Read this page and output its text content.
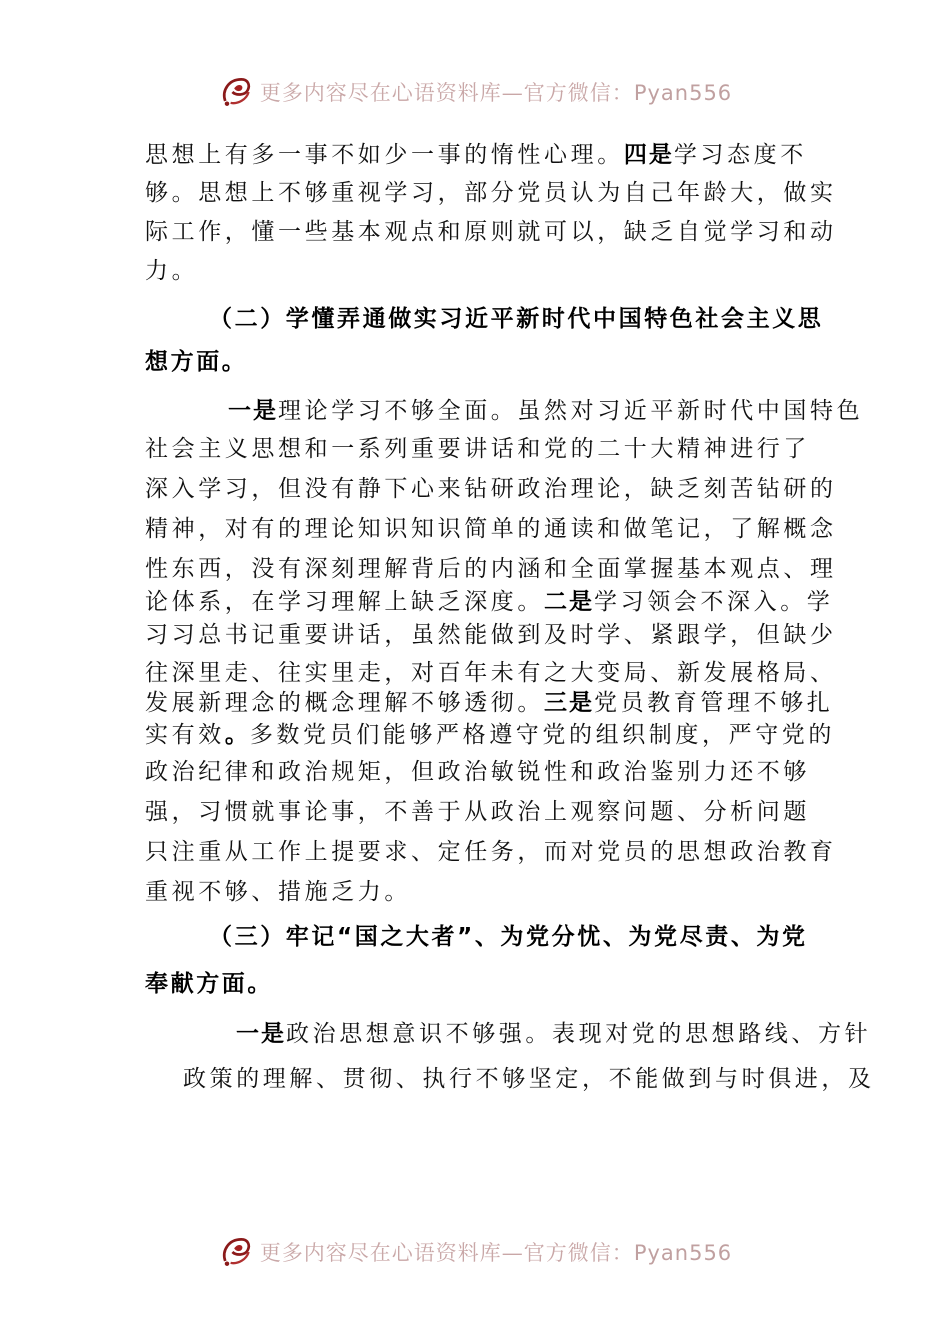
更多内容尽在心语资料库—官方微信：Pyan556
思想上有多一事不如少一事的惰性心理。四是学习态度不
够。思想上不够重视学习，部分党员认为自己年龄大，做实
际工作，懂一些基本观点和原则就可以，缺乏自觉学习和动
力。
（二）学懂弄通做实习近平新时代中国特色社会主义思
想方面。
一是理论学习不够全面。虽然对习近平新时代中国特色
社会主义思想和一系列重要讲话和党的二十大精神进行了
深入学习，但没有静下心来钻研政治理论，缺乏刻苦钻研的
精神，对有的理论知识知识简单的通读和做笔记，了解概念
性东西，没有深刻理解背后的内涵和全面掌握基本观点、理
论体系，在学习理解上缺乏深度。二是学习领会不深入。学
习习总书记重要讲话，虽然能做到及时学、紧跟学，但缺少
往深里走、往实里走，对百年未有之大变局、新发展格局、
发展新理念的概念理解不够透彻。三是党员教育管理不够扎
实有效。多数党员们能够严格遵守党的组织制度，严守党的
政治纪律和政治规矩，但政治敏锐性和政治鉴别力还不够
强，习惯就事论事，不善于从政治上观察问题、分析问题
只注重从工作上提要求、定任务，而对党员的思想政治教育
重视不够、措施乏力。
（三）牢记“国之大者”、为党分忧、为党尽责、为党
奉献方面。
一是政治思想意识不够强。表现对党的思想路线、方针
政策的理解、贯彻、执行不够坚定，不能做到与时俱进，及
更多内容尽在心语资料库—官方微信：Pyan556
